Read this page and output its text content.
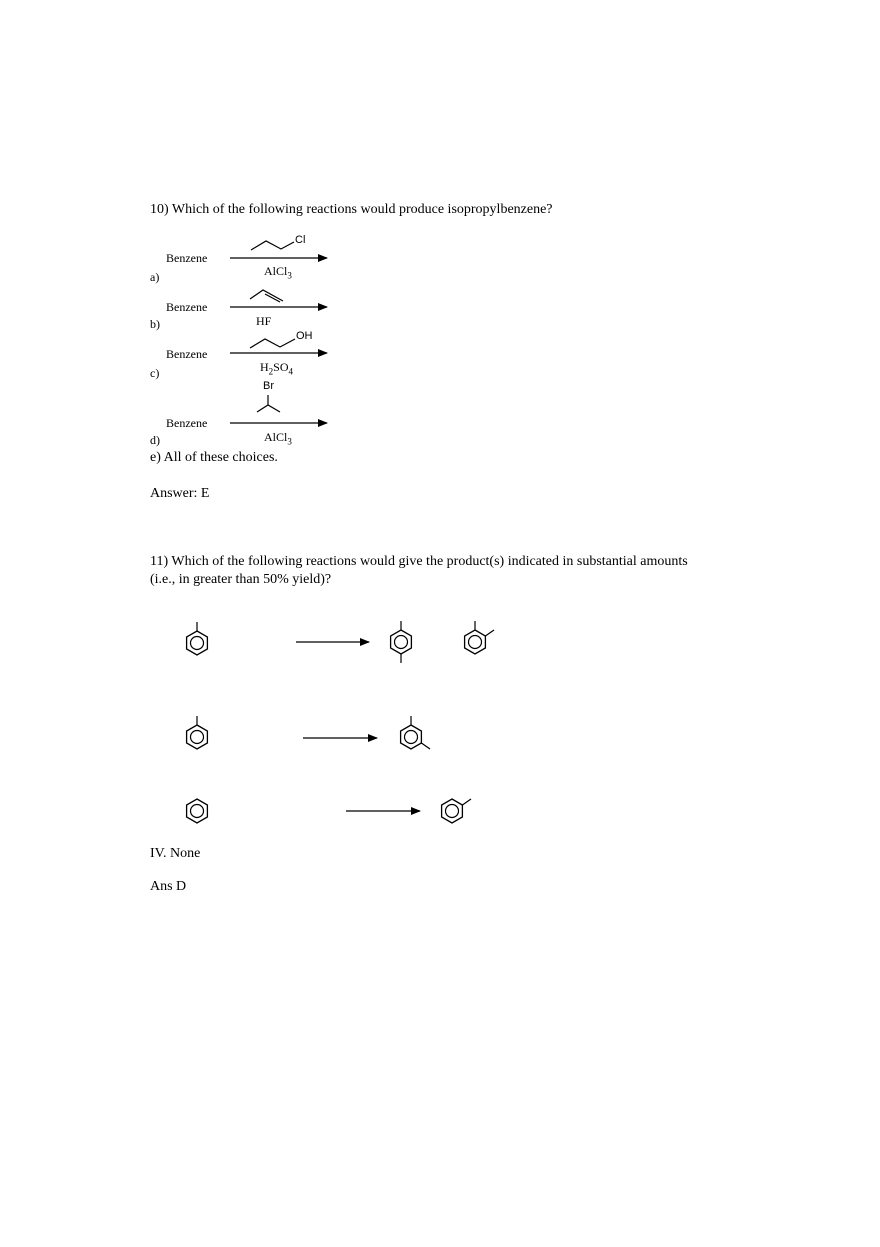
10) Which of the following reactions would produce isopropylbenzene?
Benzene
a)
Cl
AlCl$_3$
Benzene
b)	HF
Benzene
c)
OH
$H_2SO_4$
Br
Benzene
d)	AlCl$_3$
e) All of these choices.
Answer: E
11) Which of the following reactions would give the product(s) indicated in substantial amounts
(i.e., in greater than 50% yield)?
IV. None
Ans D
